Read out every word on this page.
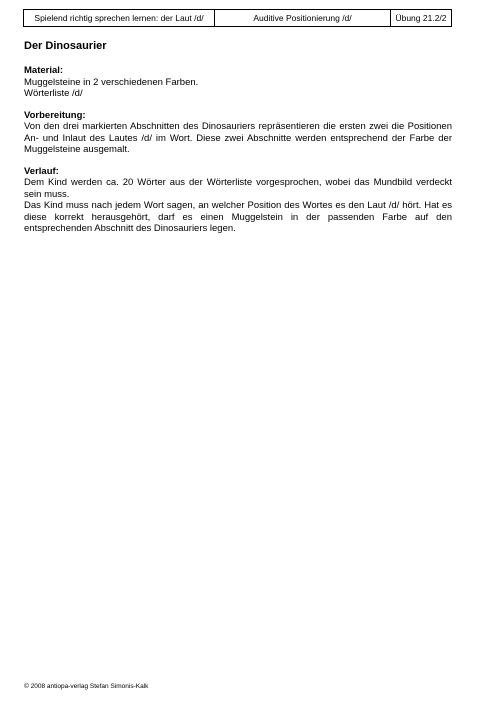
Spielend richtig sprechen lernen: der Laut /d/	Auditive Positionierung /d/	Übung 21.2/2
Der Dinosaurier
Material:
Muggelsteine in 2 verschiedenen Farben.
Wörterliste /d/
Vorbereitung:
Von den drei markierten Abschnitten des Dinosauriers repräsentieren die ersten zwei die Positionen An- und Inlaut des Lautes /d/ im Wort. Diese zwei Abschnitte werden entsprechend der Farbe der Muggelsteine ausgemalt.
Verlauf:
Dem Kind werden ca. 20 Wörter aus der Wörterliste vorgesprochen, wobei das Mundbild verdeckt sein muss.
Das Kind muss nach jedem Wort sagen, an welcher Position des Wortes es den Laut /d/ hört. Hat es diese korrekt herausgehört, darf es einen Muggelstein in der passenden Farbe auf den entsprechenden Abschnitt des Dinosauriers legen.
© 2008 antiopa-verlag Stefan Simonis-Kalk
